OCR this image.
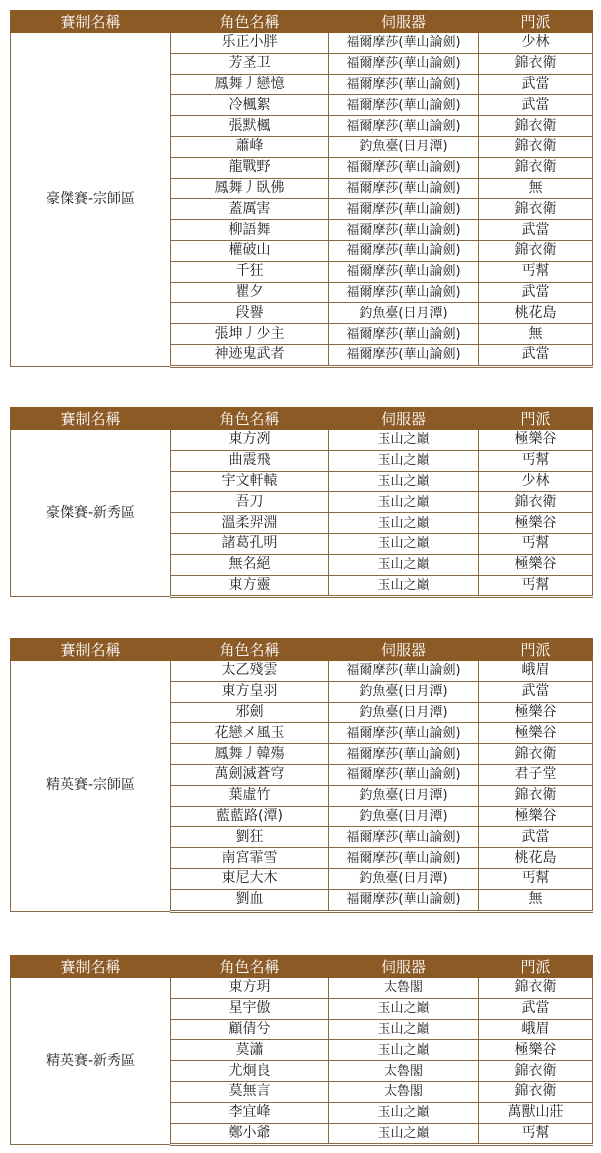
賽制名稱	角色名稱	伺服器	門派
豪傑賽-宗師區	乐正小胖	福爾摩莎(華山論劍)	少林
	芳圣卫	福爾摩莎(華山論劍)	錦衣衛
	鳳舞丿戀憶	福爾摩莎(華山論劍)	武當
	冷楓絮	福爾摩莎(華山論劍)	武當
	張默楓	福爾摩莎(華山論劍)	錦衣衛
	蕭峰	釣魚臺(日月潭)	錦衣衛
	龍戰野	福爾摩莎(華山論劍)	錦衣衛
	鳳舞丿臥佛	福爾摩莎(華山論劍)	無
	蓋厲害	福爾摩莎(華山論劍)	錦衣衛
	柳語舞	福爾摩莎(華山論劍)	武當
	權破山	福爾摩莎(華山論劍)	錦衣衛
	千狂	福爾摩莎(華山論劍)	丐幫
	瞿夕	福爾摩莎(華山論劍)	武當
	段譽	釣魚臺(日月潭)	桃花島
	張坤丿少主	福爾摩莎(華山論劍)	無
	神迹鬼武者	福爾摩莎(華山論劍)	武當
賽制名稱	角色名稱	伺服器	門派
豪傑賽-新秀區	東方冽	玉山之巔	極樂谷
	曲震飛	玉山之巔	丐幫
	宇文軒轅	玉山之巔	少林
	吾刀	玉山之巔	錦衣衛
	溫柔羿淵	玉山之巔	極樂谷
	諸葛孔明	玉山之巔	丐幫
	無名絕	玉山之巔	極樂谷
	東方靈	玉山之巔	丐幫
賽制名稱	角色名稱	伺服器	門派
精英賽-宗師區	太乙殘雲	福爾摩莎(華山論劍)	峨眉
	東方皇羽	釣魚臺(日月潭)	武當
	邪劍	釣魚臺(日月潭)	極樂谷
	花戀メ風玉	福爾摩莎(華山論劍)	極樂谷
	鳳舞丿韓殤	福爾摩莎(華山論劍)	錦衣衛
	萬劍滅蒼穹	福爾摩莎(華山論劍)	君子堂
	葉虛竹	釣魚臺(日月潭)	錦衣衛
	藍藍路(潭)	釣魚臺(日月潭)	極樂谷
	劉狂	福爾摩莎(華山論劍)	武當
	南宮霏雪	福爾摩莎(華山論劍)	桃花島
	東尼大木	釣魚臺(日月潭)	丐幫
	劉血	福爾摩莎(華山論劍)	無
賽制名稱	角色名稱	伺服器	門派
精英賽-新秀區	東方玥	太魯閣	錦衣衛
	星宇傲	玉山之巔	武當
	顧倩兮	玉山之巔	峨眉
	莫瀟	玉山之巔	極樂谷
	尤炯良	太魯閣	錦衣衛
	莫無言	太魯閣	錦衣衛
	李宜峰	玉山之巔	萬獸山莊
	鄭小爺	玉山之巔	丐幫
